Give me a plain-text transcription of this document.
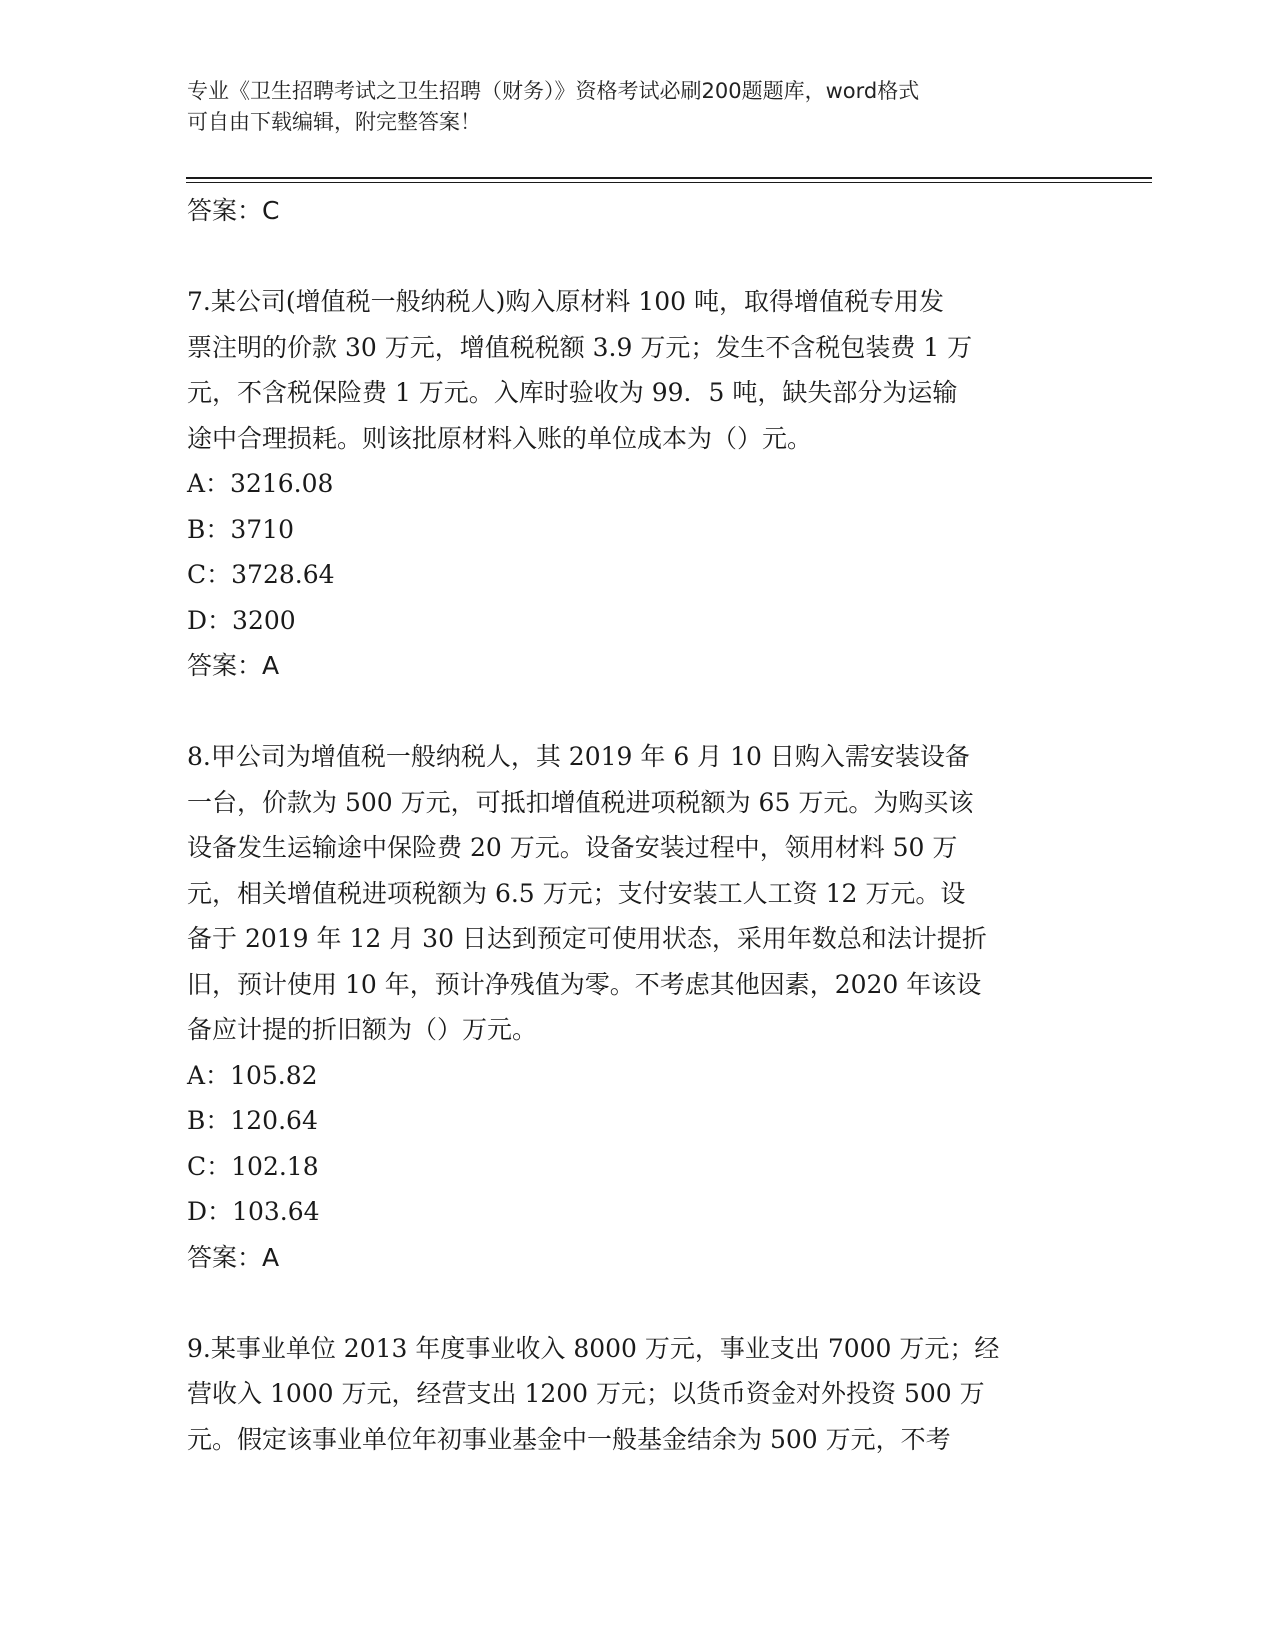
专业《卫生招聘考试之卫生招聘（财务）》资格考试必刷200题题库，word格式
可自由下载编辑，附完整答案！
答案：C
7.某公司(增值税一般纳税人)购入原材料 100 吨，取得增值税专用发
票注明的价款 30 万元，增值税税额 3.9 万元；发生不含税包装费 1 万
元，不含税保险费 1 万元。入库时验收为 99．5 吨，缺失部分为运输
途中合理损耗。则该批原材料入账的单位成本为（）元。
A：3216.08
B：3710
C：3728.64
D：3200
答案：A
8.甲公司为增值税一般纳税人，其 2019 年 6 月 10 日购入需安装设备
一台，价款为 500 万元，可抵扣增值税进项税额为 65 万元。为购买该
设备发生运输途中保险费 20 万元。设备安装过程中，领用材料 50 万
元，相关增值税进项税额为 6.5 万元；支付安装工人工资 12 万元。设
备于 2019 年 12 月 30 日达到预定可使用状态，采用年数总和法计提折
旧，预计使用 10 年，预计净残值为零。不考虑其他因素，2020 年该设
备应计提的折旧额为（）万元。
A：105.82
B：120.64
C：102.18
D：103.64
答案：A
9.某事业单位 2013 年度事业收入 8000 万元，事业支出 7000 万元；经
营收入 1000 万元，经营支出 1200 万元；以货币资金对外投资 500 万
元。假定该事业单位年初事业基金中一般基金结余为 500 万元，不考
